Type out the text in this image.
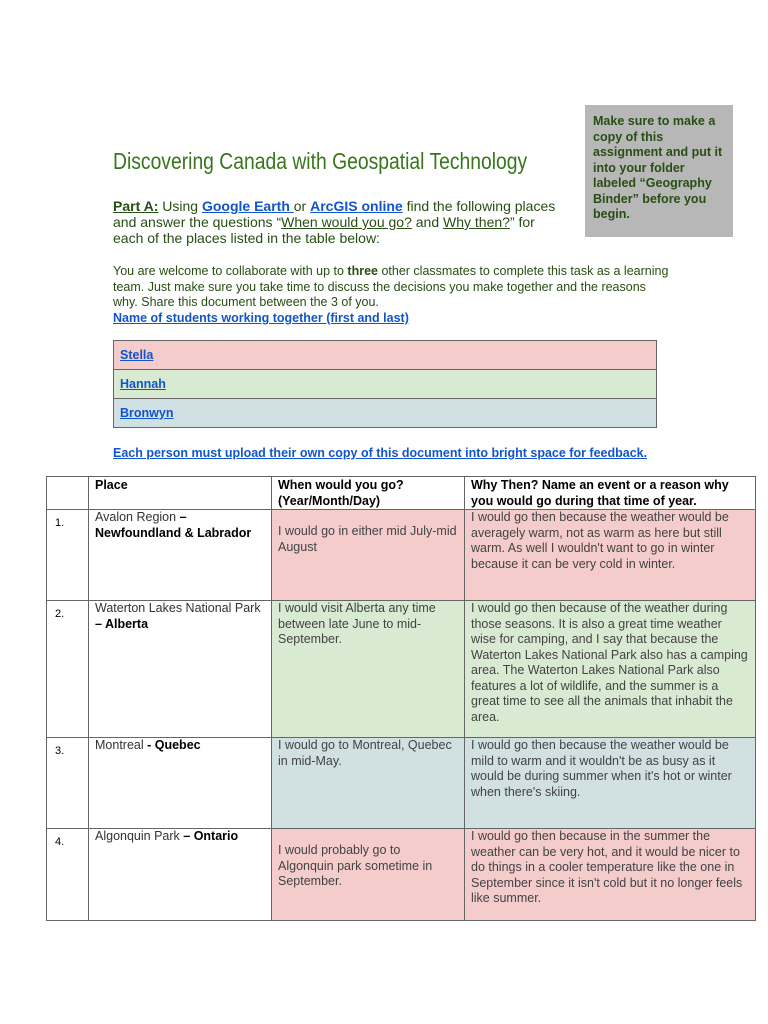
Make sure to make a copy of this assignment and put it into your folder labeled “Geography Binder” before you begin.
Discovering Canada with Geospatial Technology

Part A: Using Google Earth or ArcGIS online find the following places and answer the questions “When would you go? and Why then?” for each of the places listed in the table below:

You are welcome to collaborate with up to three other classmates to complete this task as a learning team. Just make sure you take time to discuss the decisions you make together and the reasons why. Share this document between the 3 of you.

Name of students working together (first and last)

Stella
Hannah
Bronwyn

Each person must upload their own copy of this document into bright space for feedback.

	Place	When would you go? (Year/Month/Day)	Why Then? Name an event or a reason why you would go during that time of year.
1.	Avalon Region – Newfoundland & Labrador	I would go in either mid July-mid August	I would go then because the weather would be averagely warm, not as warm as here but still warm. As well I wouldn't want to go in winter because it can be very cold in winter.
2.	Waterton Lakes National Park – Alberta	I would visit Alberta any time between late June to mid-September.	I would go then because of the weather during those seasons. It is also a great time weather wise for camping, and I say that because the Waterton Lakes National Park also has a camping area. The Waterton Lakes National Park also features a lot of wildlife, and the summer is a great time to see all the animals that inhabit the area.
3.	Montreal - Quebec	I would go to Montreal, Quebec in mid-May.	I would go then because the weather would be mild to warm and it wouldn't be as busy as it would be during summer when it's hot or winter when there's skiing.
4.	Algonquin Park – Ontario	I would probably go to Algonquin park sometime in September.	I would go then because in the summer the weather can be very hot, and it would be nicer to do things in a cooler temperature like the one in September since it isn't cold but it no longer feels like summer.
